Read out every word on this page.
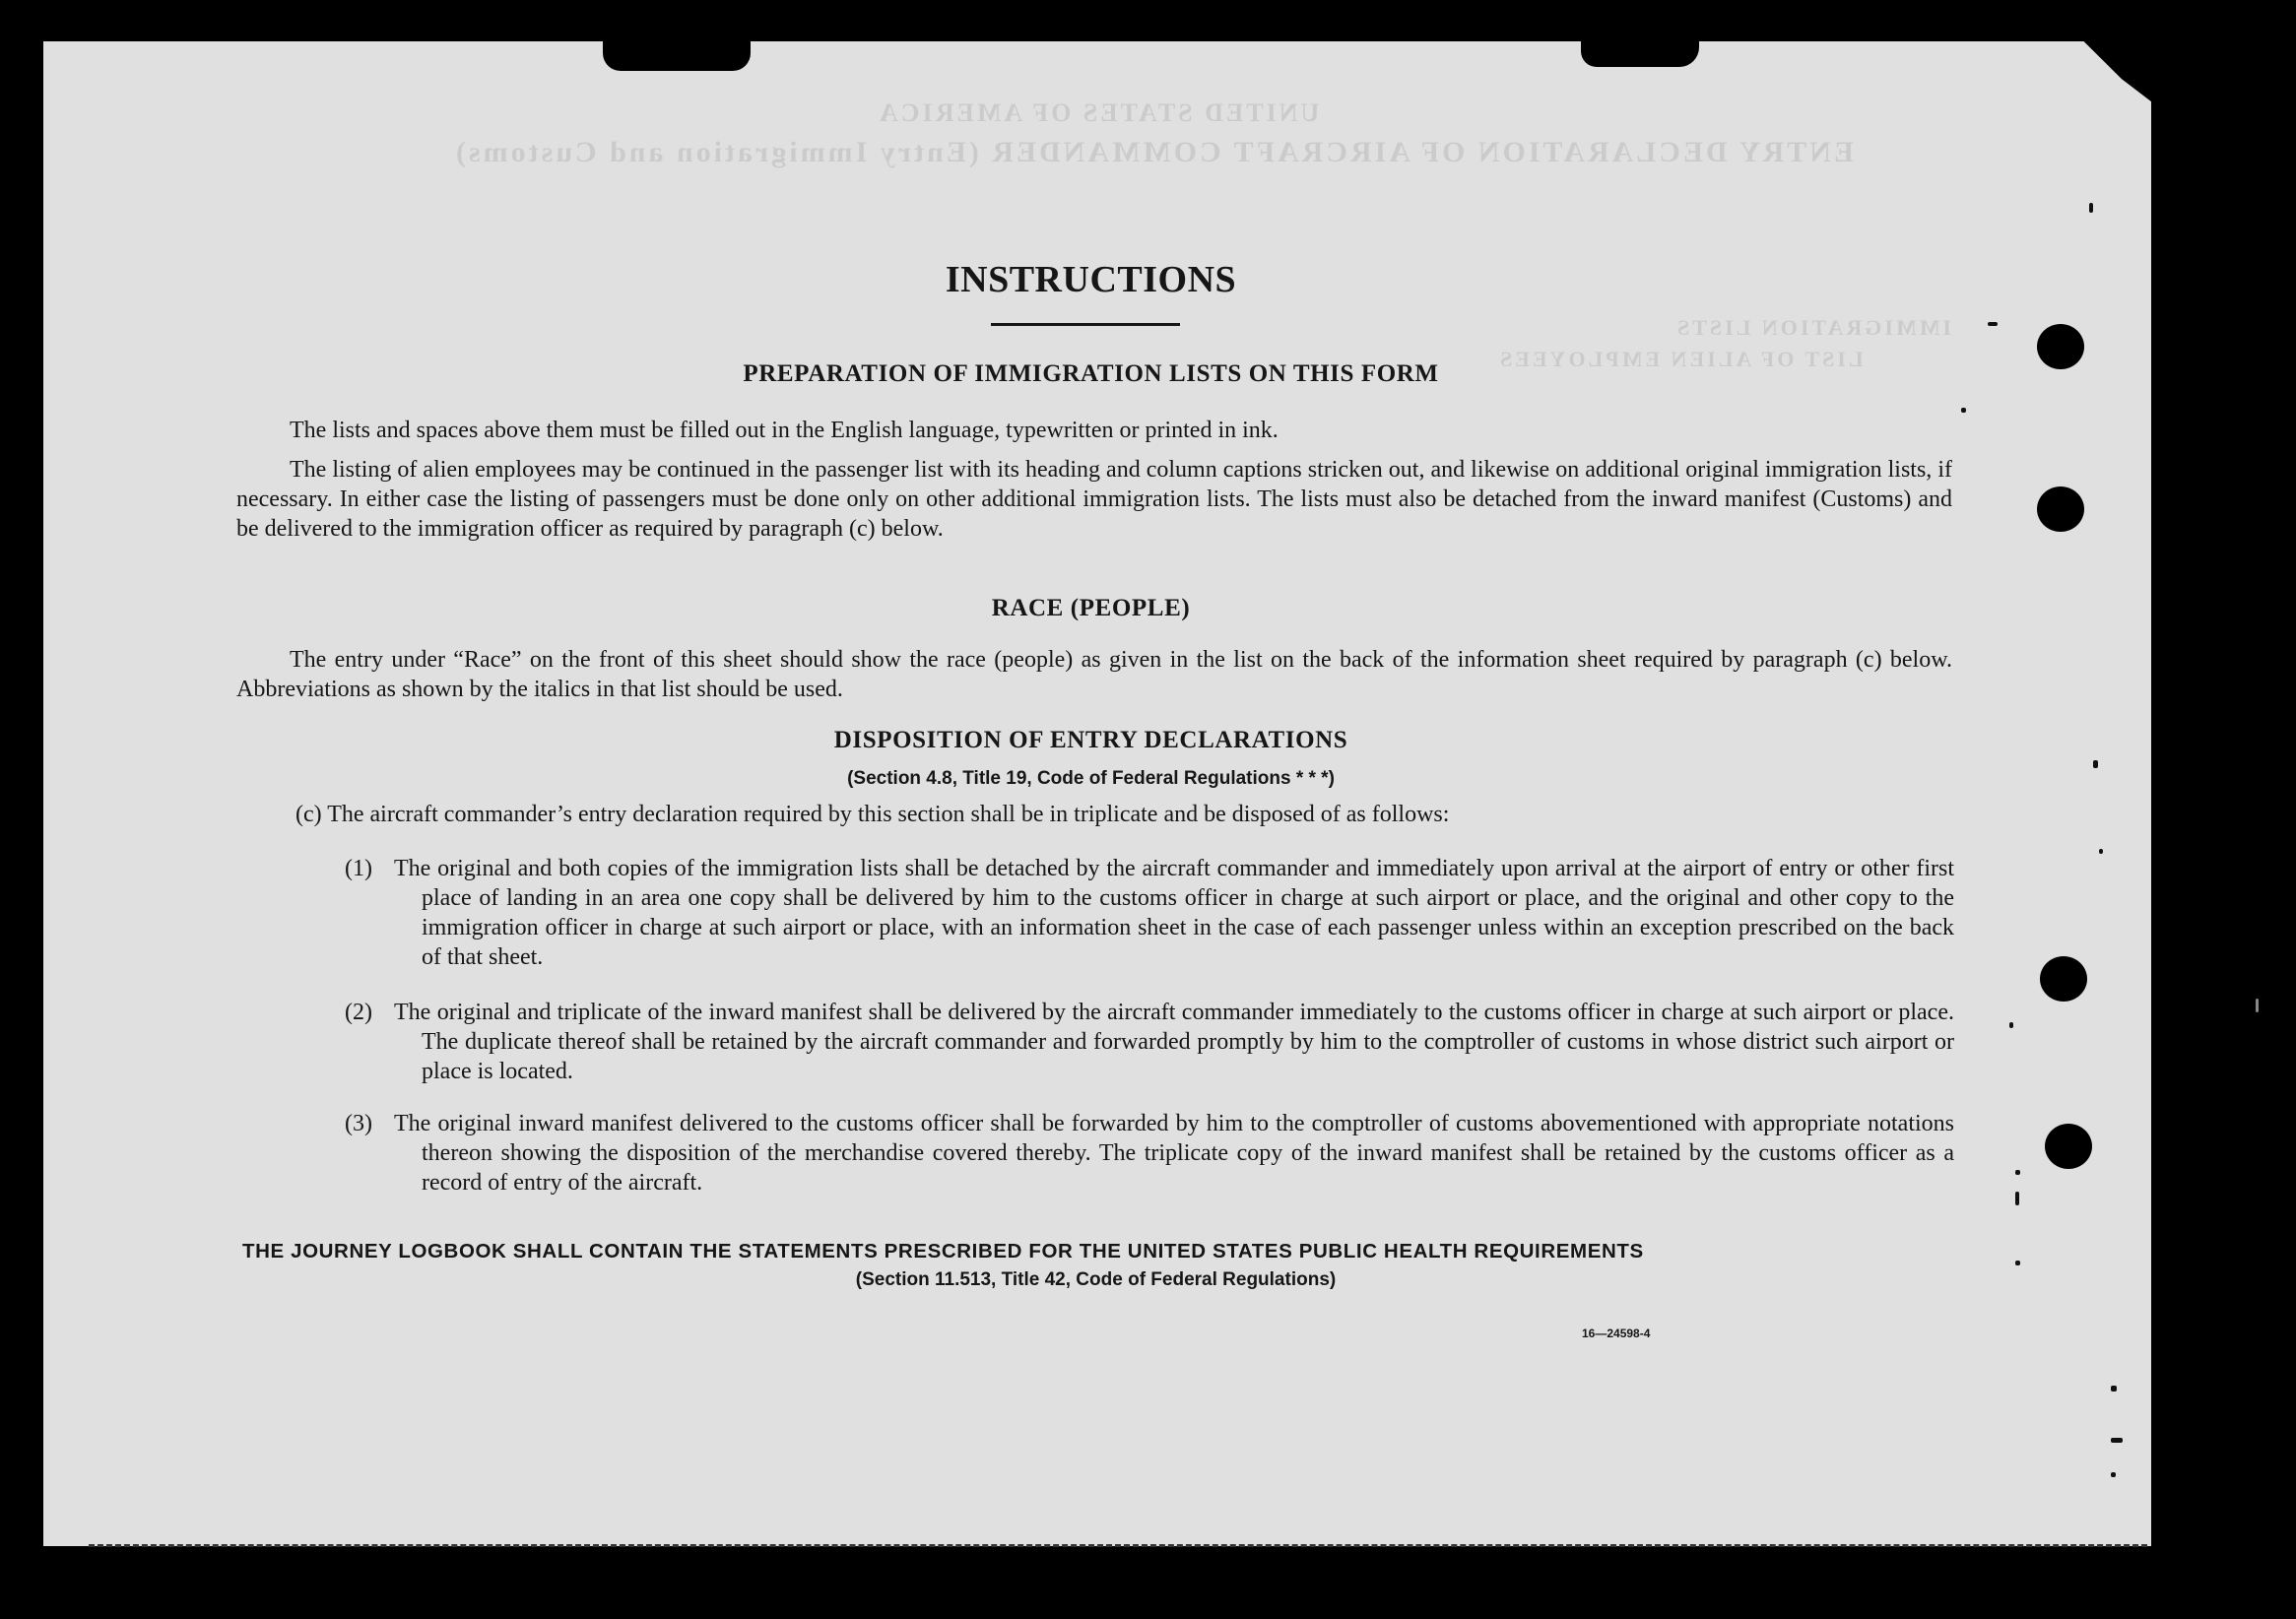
UNITED STATES OF AMERICA
ENTRY DECLARATION OF AIRCRAFT COMMANDER (Entry Immigration and Customs)
IMMIGRATION LISTS
LIST OF ALIEN EMPLOYEES
INSTRUCTIONS
PREPARATION OF IMMIGRATION LISTS ON THIS FORM
The lists and spaces above them must be filled out in the English language, typewritten or printed in ink.
The listing of alien employees may be continued in the passenger list with its heading and column captions stricken out, and likewise on additional original immigration lists, if necessary. In either case the listing of passengers must be done only on other additional immigration lists. The lists must also be detached from the inward manifest (Customs) and be delivered to the immigration officer as required by paragraph (c) below.
RACE (PEOPLE)
The entry under “Race” on the front of this sheet should show the race (people) as given in the list on the back of the information sheet required by paragraph (c) below. Abbreviations as shown by the italics in that list should be used.
DISPOSITION OF ENTRY DECLARATIONS
(Section 4.8, Title 19, Code of Federal Regulations * * *)
(c) The aircraft commander’s entry declaration required by this section shall be in triplicate and be disposed of as follows:
(1) The original and both copies of the immigration lists shall be detached by the aircraft commander and immediately upon arrival at the airport of entry or other first place of landing in an area one copy shall be delivered by him to the customs officer in charge at such airport or place, and the original and other copy to the immigration officer in charge at such airport or place, with an information sheet in the case of each passenger unless within an exception prescribed on the back of that sheet.
(2) The original and triplicate of the inward manifest shall be delivered by the aircraft commander immediately to the customs officer in charge at such airport or place. The duplicate thereof shall be retained by the aircraft commander and forwarded promptly by him to the comptroller of customs in whose district such airport or place is located.
(3) The original inward manifest delivered to the customs officer shall be forwarded by him to the comptroller of customs abovementioned with appropriate notations thereon showing the disposition of the merchandise covered thereby. The triplicate copy of the inward manifest shall be retained by the customs officer as a record of entry of the aircraft.
THE JOURNEY LOGBOOK SHALL CONTAIN THE STATEMENTS PRESCRIBED FOR THE UNITED STATES PUBLIC HEALTH REQUIREMENTS
(Section 11.513, Title 42, Code of Federal Regulations)
16—24598-4
